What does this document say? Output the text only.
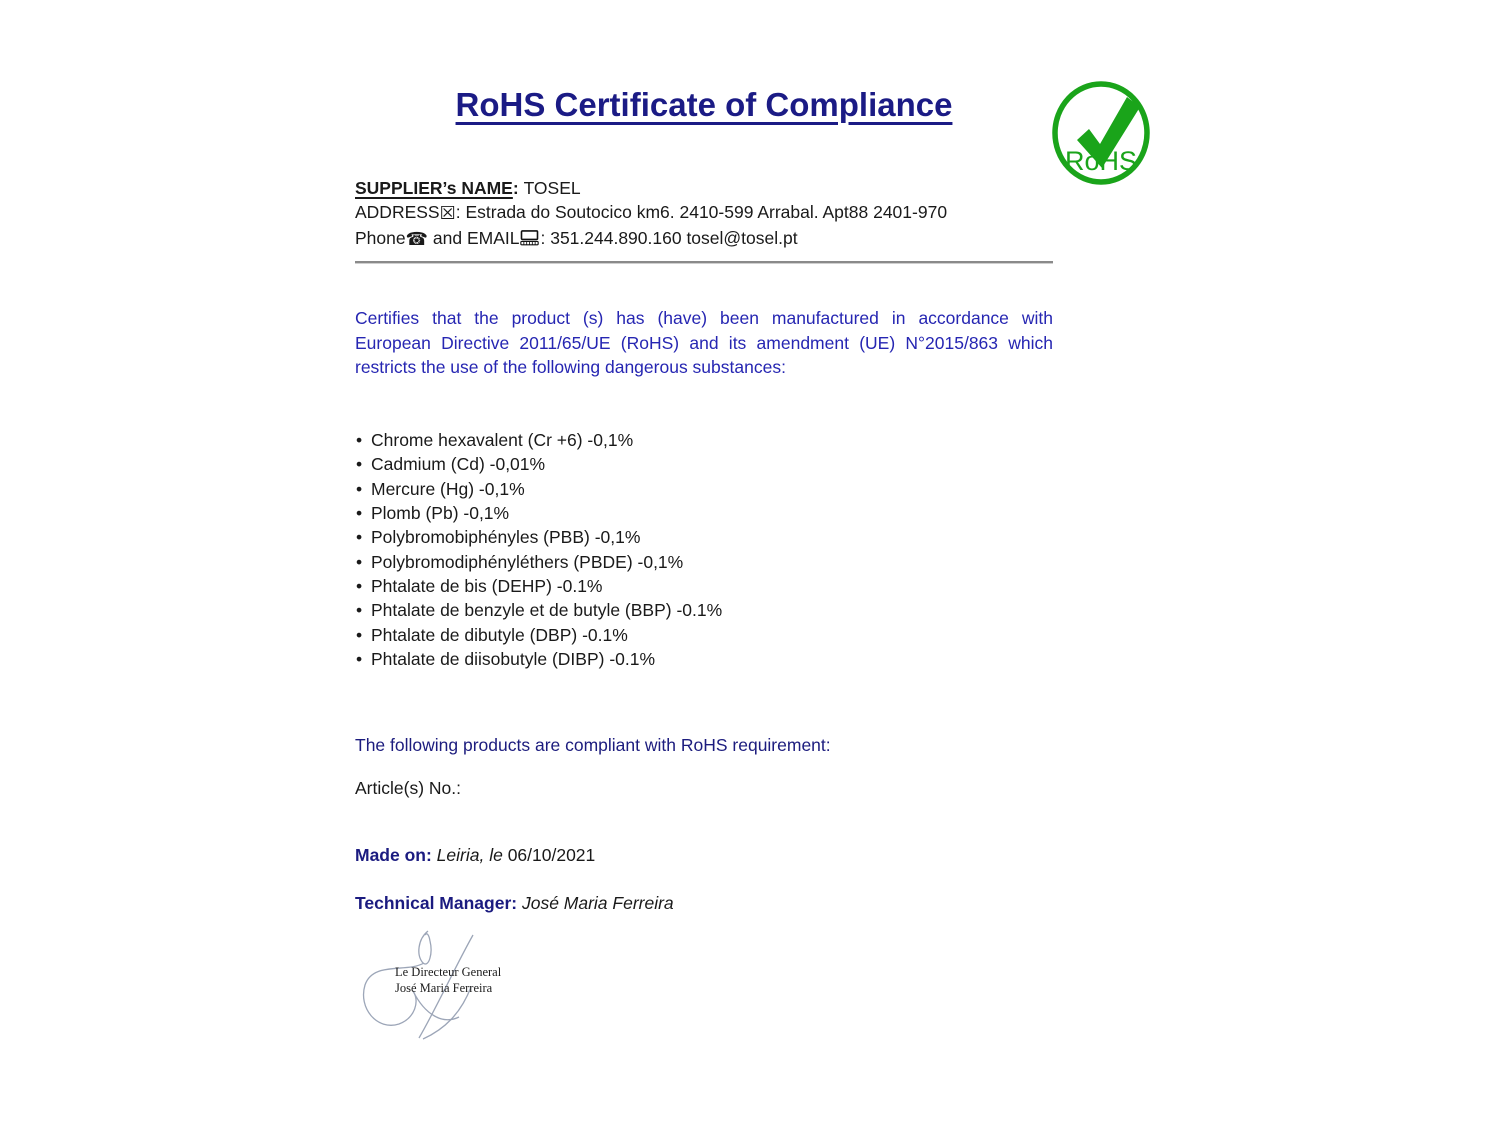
RoHS
RoHS Certificate of Compliance
SUPPLIER’s NAME: TOSEL
ADDRESS☒: Estrada do Soutocico km6. 2410-599 Arrabal. Apt88 2401-970
Phone☎ and EMAIL : 351.244.890.160 tosel@tosel.pt
Certifies that the product (s) has (have) been manufactured in accordance with
European Directive 2011/65/UE (RoHS) and its amendment (UE) N°2015/863 which
restricts the use of the following dangerous substances:
• Chrome hexavalent (Cr +6) -0,1%
• Cadmium (Cd) -0,01%
• Mercure (Hg) -0,1%
• Plomb (Pb) -0,1%
• Polybromobiphényles (PBB) -0,1%
• Polybromodiphényléthers (PBDE) -0,1%
• Phtalate de bis (DEHP) -0.1%
• Phtalate de benzyle et de butyle (BBP) -0.1%
• Phtalate de dibutyle (DBP) -0.1%
• Phtalate de diisobutyle (DIBP) -0.1%
The following products are compliant with RoHS requirement:
Article(s) No.:
Made on: Leiria, le 06/10/2021
Technical Manager: José Maria Ferreira
Le Directeur General
José Maria Ferreira
